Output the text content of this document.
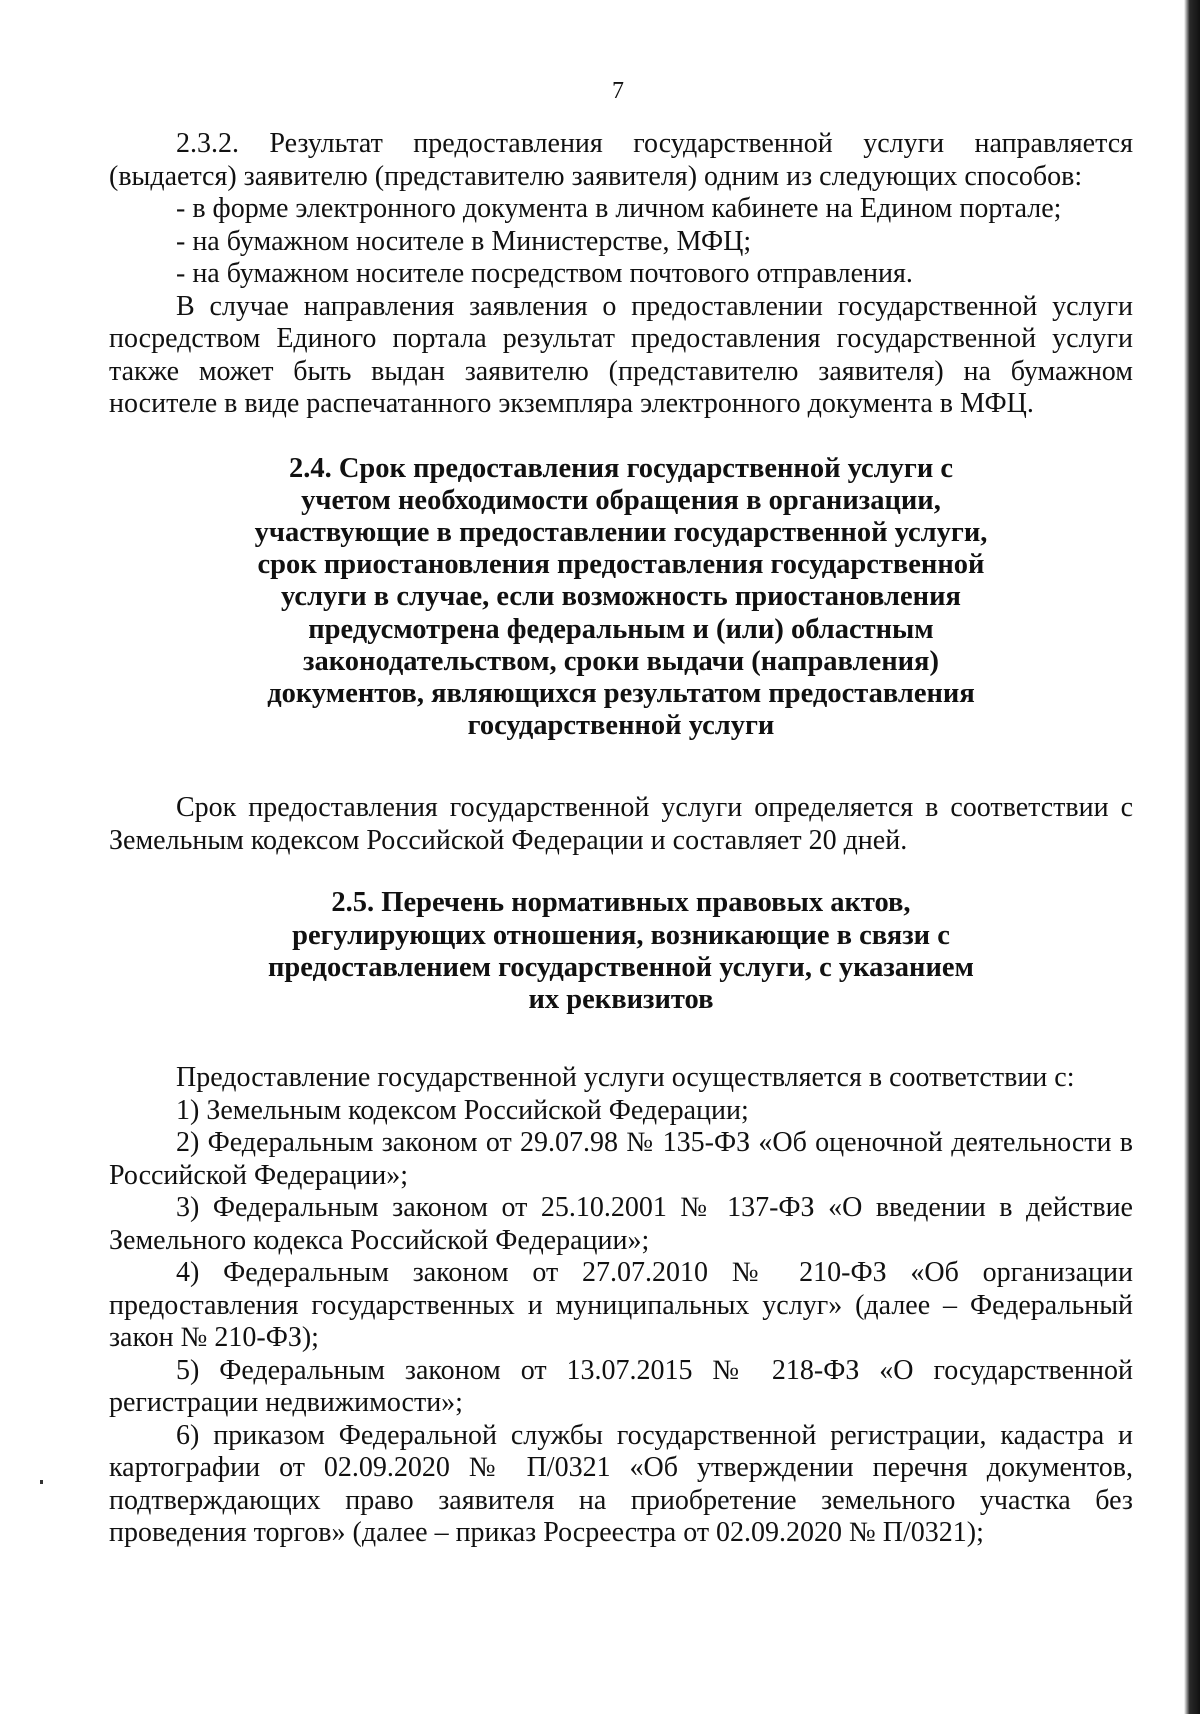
7

2.3.2. Результат предоставления государственной услуги направляется (выдается) заявителю (представителю заявителя) одним из следующих способов:

- в форме электронного документа в личном кабинете на Едином портале;

- на бумажном носителе в Министерстве, МФЦ;

- на бумажном носителе посредством почтового отправления.

В случае направления заявления о предоставлении государственной услуги посредством Единого портала результат предоставления государственной услуги также может быть выдан заявителю (представителю заявителя) на бумажном носителе в виде распечатанного экземпляра электронного документа в МФЦ.

2.4. Срок предоставления государственной услуги с учетом необходимости обращения в организации, участвующие в предоставлении государственной услуги, срок приостановления предоставления государственной услуги в случае, если возможность приостановления предусмотрена федеральным и (или) областным законодательством, сроки выдачи (направления) документов, являющихся результатом предоставления государственной услуги

Срок предоставления государственной услуги определяется в соответствии с Земельным кодексом Российской Федерации и составляет 20 дней.

2.5. Перечень нормативных правовых актов, регулирующих отношения, возникающие в связи с предоставлением государственной услуги, с указанием их реквизитов

Предоставление государственной услуги осуществляется в соответствии с:

1) Земельным кодексом Российской Федерации;

2) Федеральным законом от 29.07.98 № 135-ФЗ «Об оценочной деятельности в Российской Федерации»;

3) Федеральным законом от 25.10.2001 № 137-ФЗ «О введении в действие Земельного кодекса Российской Федерации»;

4) Федеральным законом от 27.07.2010 № 210-ФЗ «Об организации предоставления государственных и муниципальных услуг» (далее – Федеральный закон № 210-ФЗ);

5) Федеральным законом от 13.07.2015 № 218-ФЗ «О государственной регистрации недвижимости»;

6) приказом Федеральной службы государственной регистрации, кадастра и картографии от 02.09.2020 № П/0321 «Об утверждении перечня документов, подтверждающих право заявителя на приобретение земельного участка без проведения торгов» (далее – приказ Росреестра от 02.09.2020 № П/0321);
